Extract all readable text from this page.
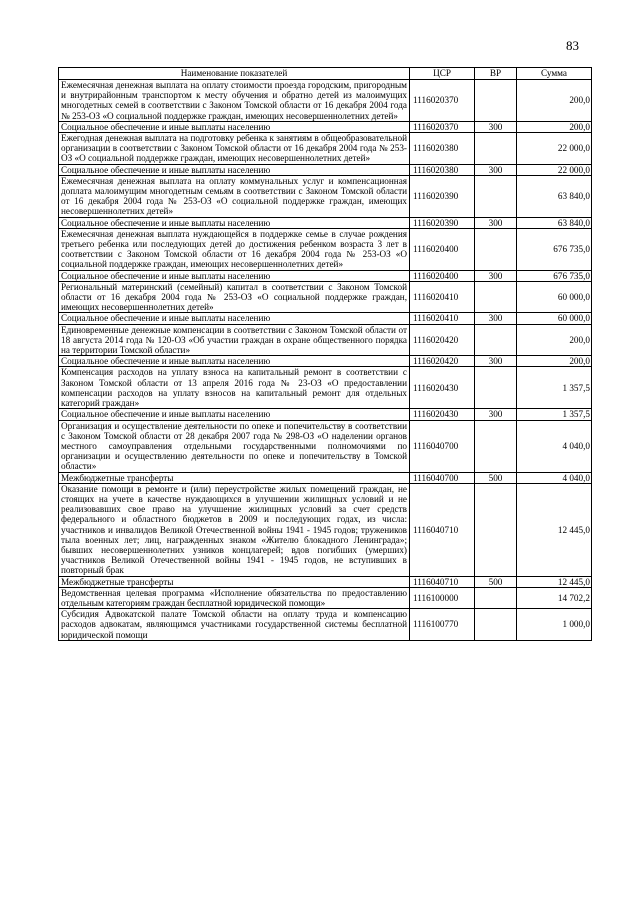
83
Наименование показателей	ЦСР	ВР	Сумма
Ежемесячная денежная выплата на оплату стоимости проезда городским, пригородным и внутрирайонным транспортом к месту обучения и обратно детей из малоимущих многодетных семей в соответствии с Законом Томской области от 16 декабря 2004 года № 253-ОЗ «О социальной поддержке граждан, имеющих несовершеннолетних детей»	1116020370		200,0
Социальное обеспечение и иные выплаты населению	1116020370	300	200,0
Ежегодная денежная выплата на подготовку ребенка к занятиям в общеобразовательной организации в соответствии с Законом Томской области от 16 декабря 2004 года № 253-ОЗ «О социальной поддержке граждан, имеющих несовершеннолетних детей»	1116020380		22 000,0
Социальное обеспечение и иные выплаты населению	1116020380	300	22 000,0
Ежемесячная денежная выплата на оплату коммунальных услуг и компенсационная доплата малоимущим многодетным семьям в соответствии с Законом Томской области от 16 декабря 2004 года № 253-ОЗ «О социальной поддержке граждан, имеющих несовершеннолетних детей»	1116020390		63 840,0
Социальное обеспечение и иные выплаты населению	1116020390	300	63 840,0
Ежемесячная денежная выплата нуждающейся в поддержке семье в случае рождения третьего ребенка или последующих детей до достижения ребенком возраста 3 лет в соответствии с Законом Томской области от 16 декабря 2004 года № 253-ОЗ «О социальной поддержке граждан, имеющих несовершеннолетних детей»	1116020400		676 735,0
Социальное обеспечение и иные выплаты населению	1116020400	300	676 735,0
Региональный материнский (семейный) капитал в соответствии с Законом Томской области от 16 декабря 2004 года № 253-ОЗ «О социальной поддержке граждан, имеющих несовершеннолетних детей»	1116020410		60 000,0
Социальное обеспечение и иные выплаты населению	1116020410	300	60 000,0
Единовременные денежные компенсации в соответствии с Законом Томской области от 18 августа 2014 года № 120-ОЗ «Об участии граждан в охране общественного порядка на территории Томской области»	1116020420		200,0
Социальное обеспечение и иные выплаты населению	1116020420	300	200,0
Компенсация расходов на уплату взноса на капитальный ремонт в соответствии с Законом Томской области от 13 апреля 2016 года № 23-ОЗ «О предоставлении компенсации расходов на уплату взносов на капитальный ремонт для отдельных категорий граждан»	1116020430		1 357,5
Социальное обеспечение и иные выплаты населению	1116020430	300	1 357,5
Организация и осуществление деятельности по опеке и попечительству в соответствии с Законом Томской области от 28 декабря 2007 года № 298-ОЗ «О наделении органов местного самоуправления отдельными государственными полномочиями по организации и осуществлению деятельности по опеке и попечительству в Томской области»	1116040700		4 040,0
Межбюджетные трансферты	1116040700	500	4 040,0
Оказание помощи в ремонте и (или) переустройстве жилых помещений граждан, не стоящих на учете в качестве нуждающихся в улучшении жилищных условий и не реализовавших свое право на улучшение жилищных условий за счет средств федерального и областного бюджетов в 2009 и последующих годах, из числа: участников и инвалидов Великой Отечественной войны 1941 - 1945 годов; тружеников тыла военных лет; лиц, награжденных знаком «Жителю блокадного Ленинграда»; бывших несовершеннолетних узников концлагерей; вдов погибших (умерших) участников Великой Отечественной войны 1941 - 1945 годов, не вступивших в повторный брак	1116040710		12 445,0
Межбюджетные трансферты	1116040710	500	12 445,0
Ведомственная целевая программа «Исполнение обязательства по предоставлению отдельным категориям граждан бесплатной юридической помощи»	1116100000		14 702,2
Субсидия Адвокатской палате Томской области на оплату труда и компенсацию расходов адвокатам, являющимся участниками государственной системы бесплатной юридической помощи	1116100770		1 000,0
